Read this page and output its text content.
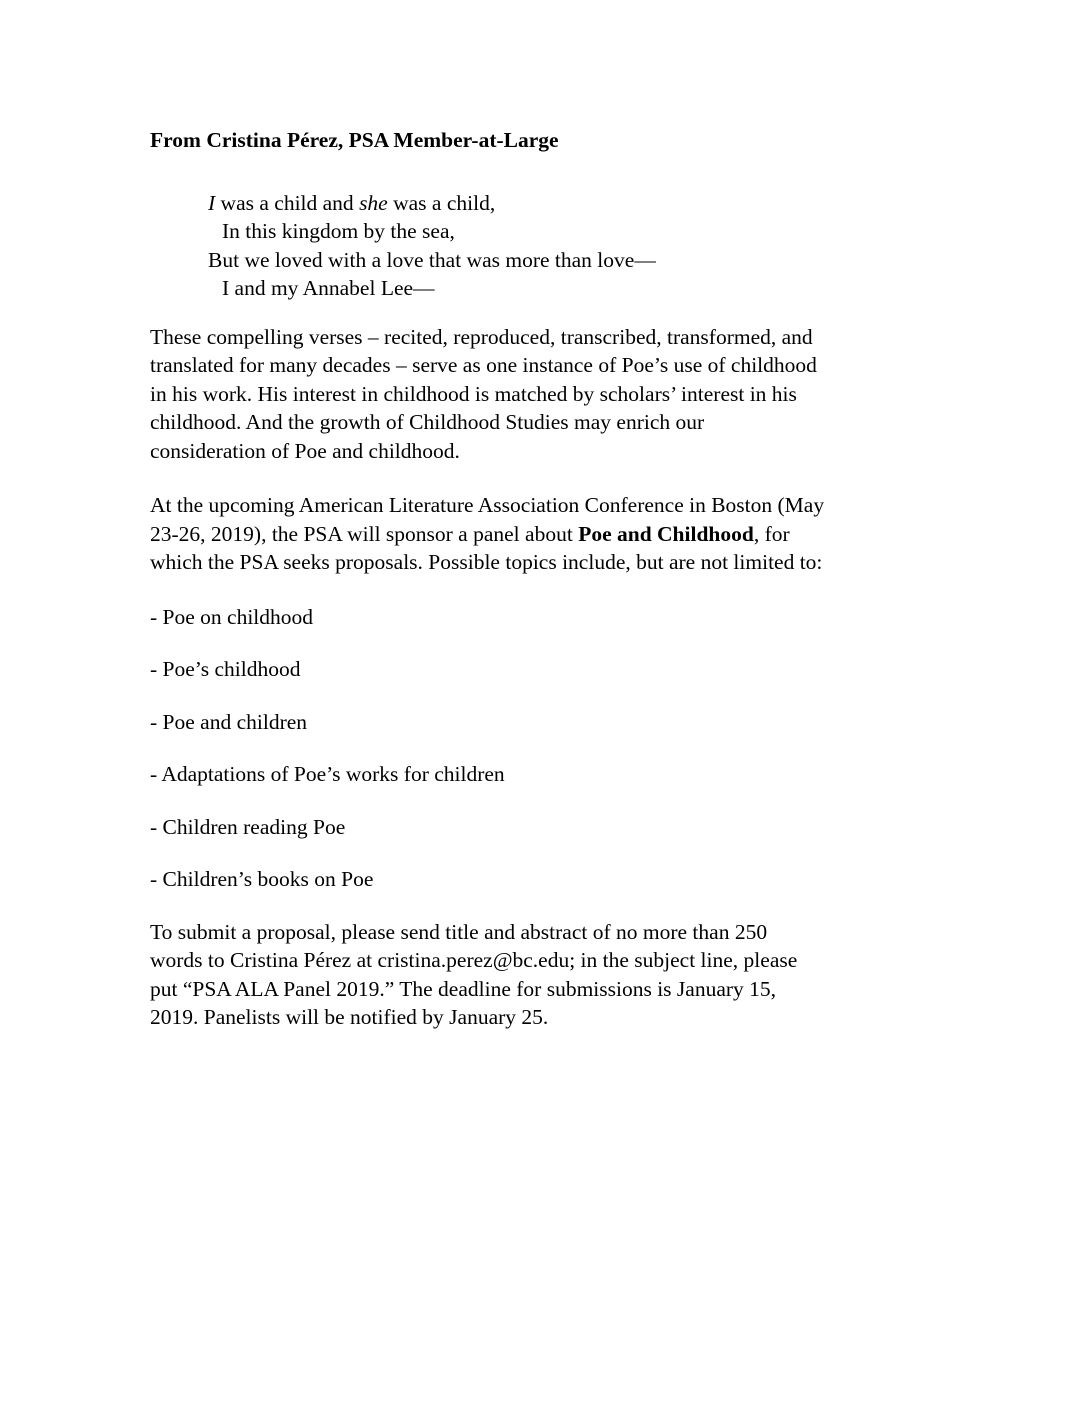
From Cristina Pérez, PSA Member-at-Large
I was a child and she was a child,
In this kingdom by the sea,
But we loved with a love that was more than love—
I and my Annabel Lee—
These compelling verses – recited, reproduced, transcribed, transformed, and
translated for many decades – serve as one instance of Poe’s use of childhood
in his work. His interest in childhood is matched by scholars’ interest in his
childhood. And the growth of Childhood Studies may enrich our
consideration of Poe and childhood.
At the upcoming American Literature Association Conference in Boston (May
23-26, 2019), the PSA will sponsor a panel about Poe and Childhood, for
which the PSA seeks proposals. Possible topics include, but are not limited to:
- Poe on childhood
- Poe’s childhood
- Poe and children
- Adaptations of Poe’s works for children
- Children reading Poe
- Children’s books on Poe
To submit a proposal, please send title and abstract of no more than 250
words to Cristina Pérez at cristina.perez@bc.edu; in the subject line, please
put “PSA ALA Panel 2019.” The deadline for submissions is January 15,
2019. Panelists will be notified by January 25.
